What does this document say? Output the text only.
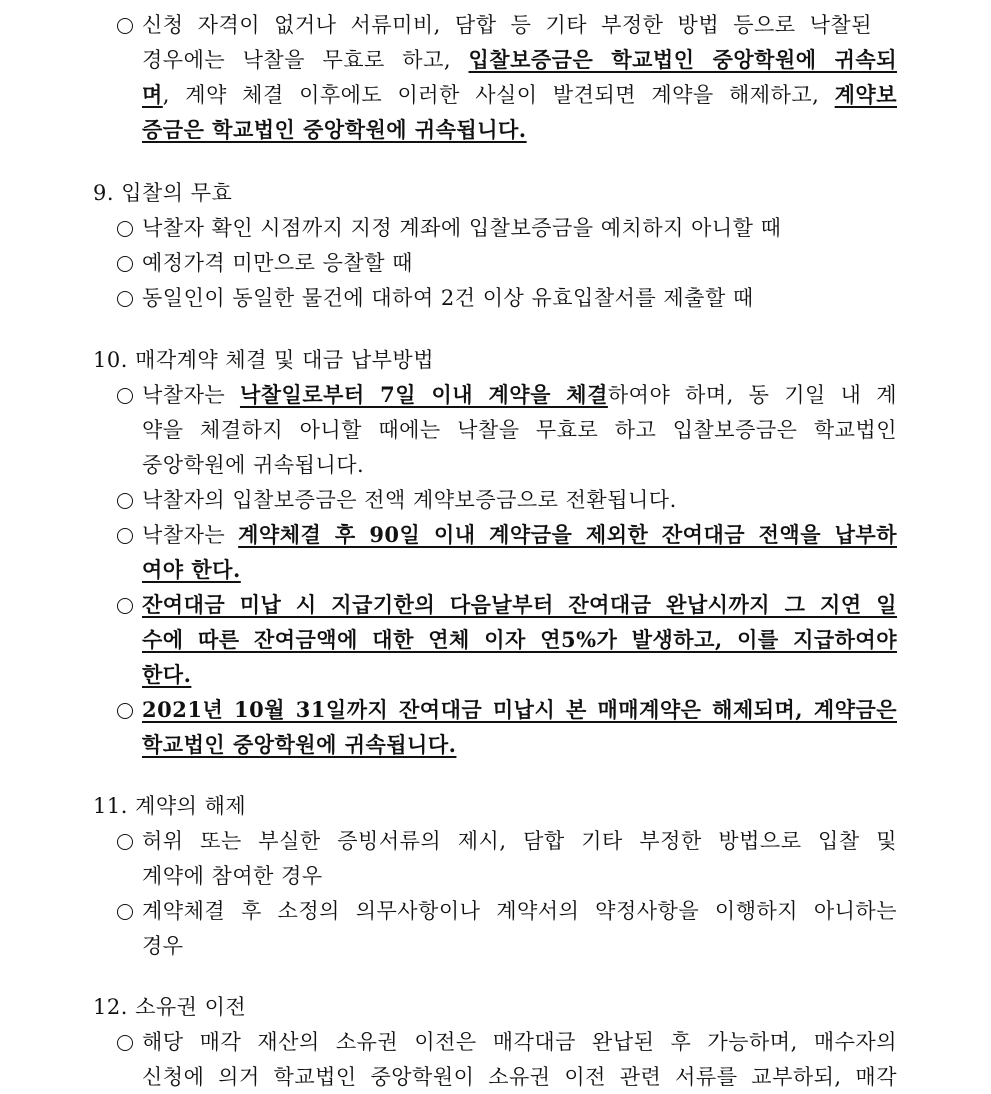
신청 자격이 없거나 서류미비, 담합 등 기타 부정한 방법 등으로 낙찰된
경우에는 낙찰을 무효로 하고, 입찰보증금은 학교법인 중앙학원에 귀속되
며, 계약 체결 이후에도 이러한 사실이 발견되면 계약을 해제하고, 계약보
증금은 학교법인 중앙학원에 귀속됩니다.
9. 입찰의 무효
낙찰자 확인 시점까지 지정 계좌에 입찰보증금을 예치하지 아니할 때
예정가격 미만으로 응찰할 때
동일인이 동일한 물건에 대하여 2건 이상 유효입찰서를 제출할 때
10. 매각계약 체결 및 대금 납부방법
낙찰자는 낙찰일로부터 7일 이내 계약을 체결하여야 하며, 동 기일 내 계
약을 체결하지 아니할 때에는 낙찰을 무효로 하고 입찰보증금은 학교법인
중앙학원에 귀속됩니다.
낙찰자의 입찰보증금은 전액 계약보증금으로 전환됩니다.
낙찰자는 계약체결 후 90일 이내 계약금을 제외한 잔여대금 전액을 납부하
여야 한다.
잔여대금 미납 시 지급기한의 다음날부터 잔여대금 완납시까지 그 지연 일
수에 따른 잔여금액에 대한 연체 이자 연5%가 발생하고, 이를 지급하여야
한다.
2021년 10월 31일까지 잔여대금 미납시 본 매매계약은 해제되며, 계약금은
학교법인 중앙학원에 귀속됩니다.
11. 계약의 해제
허위 또는 부실한 증빙서류의 제시, 담합 기타 부정한 방법으로 입찰 및
계약에 참여한 경우
계약체결 후 소정의 의무사항이나 계약서의 약정사항을 이행하지 아니하는
경우
12. 소유권 이전
해당 매각 재산의 소유권 이전은 매각대금 완납된 후 가능하며, 매수자의
신청에 의거 학교법인 중앙학원이 소유권 이전 관련 서류를 교부하되, 매각
